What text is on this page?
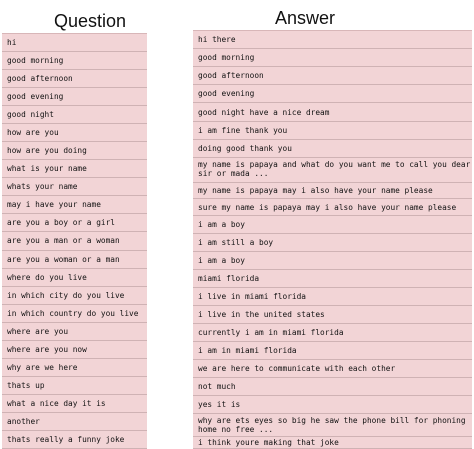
Question	Answer
hi
good morning
good afternoon
good evening
good night
how are you
how are you doing
what is your name
whats your name
may i have your name
are you a boy or a girl
are you a man or a woman
are you a woman or a man
where do you live
in which city do you live
in which country do you live
where are you
where are you now
why are we here
thats up
what a nice day it is
another
thats really a funny joke
hi there
good morning
good afternoon
good evening
good night have a nice dream
i am fine thank you
doing good thank you
my name is papaya and what do you want me to call you dear sir or mada ...
my name is papaya may i also have your name please
sure my name is papaya may i also have your name please
i am a boy
i am still a boy
i am a boy
miami florida
i live in miami florida
i live in the united states
currently i am in miami florida
i am in miami florida
we are here to communicate with each other
not much
yes it is
why are ets eyes so big he saw the phone bill for phoning home no free ...
i think youre making that joke
